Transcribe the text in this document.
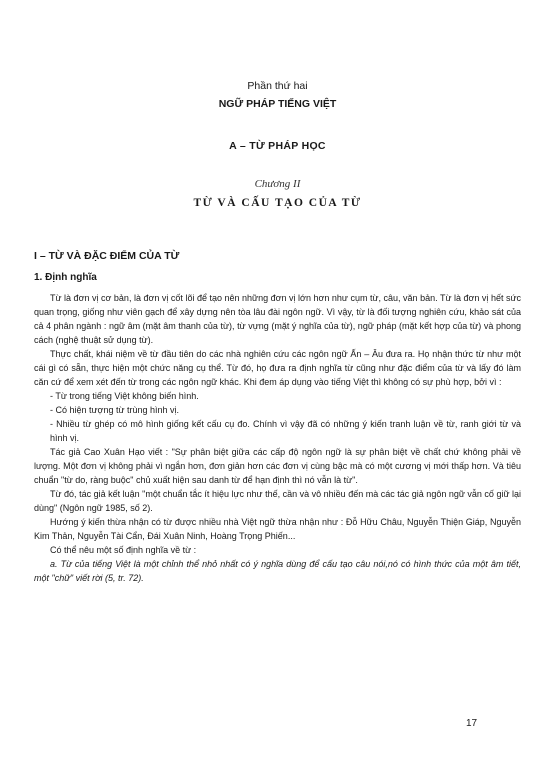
Phần thứ hai
NGỮ PHÁP TIẾNG VIỆT
A – TỪ PHÁP HỌC
Chương II
TỪ VÀ CẤU TẠO CỦA TỪ
I – TỪ VÀ ĐẶC ĐIỂM CỦA TỪ
1. Định nghĩa

Từ là đơn vị cơ bản, là đơn vị cốt lõi để tạo nên những đơn vị lớn hơn như cụm từ, câu, văn bản. Từ là đơn vị hết sức quan trọng, giống như viên gạch để xây dựng nên tòa lâu đài ngôn ngữ. Vì vậy, từ là đối tượng nghiên cứu, khảo sát của cả 4 phân ngành : ngữ âm (mặt âm thanh của từ), từ vựng (mặt ý nghĩa của từ), ngữ pháp (mặt kết hợp của từ) và phong cách (nghệ thuật sử dụng từ).

Thực chất, khái niệm về từ đầu tiên do các nhà nghiên cứu các ngôn ngữ Ấn – Âu đưa ra. Họ nhận thức từ như một cái gì có sẵn, thực hiện một chức năng cụ thể. Từ đó, họ đưa ra định nghĩa từ cũng như đặc điểm của từ và lấy đó làm căn cứ để xem xét đến từ trong các ngôn ngữ khác. Khi đem áp dụng vào tiếng Việt thì không có sự phù hợp, bởi vì :

- Từ trong tiếng Việt không biến hình.

- Có hiện tượng từ trùng hình vị.

- Nhiều từ ghép có mô hình giống kết cấu cụ đo. Chính vì vậy đã có những ý kiến tranh luận về từ, ranh giới từ và hình vị.

Tác giả Cao Xuân Hạo viết : "Sự phân biệt giữa các cấp độ ngôn ngữ là sự phân biệt về chất chứ không phải về lượng. Một đơn vị không phải vì ngắn hơn, đơn giản hơn các đơn vị cùng bậc mà có một cương vị mới thấp hơn. Và tiêu chuẩn "từ do, ràng buộc" chủ xuất hiện sau danh từ để hạn định thì nó vẫn là từ".

Từ đó, tác giả kết luận "một chuẩn tắc ít hiệu lực như thế, cần và vô nhiều đến mà các tác giả ngôn ngữ vẫn cố giữ lại dùng" (Ngôn ngữ 1985, số 2).

Hướng ý kiến thừa nhận có từ được nhiều nhà Việt ngữ thừa nhận như : Đỗ Hữu Châu, Nguyễn Thiện Giáp, Nguyễn Kim Thản, Nguyễn Tài Cẩn, Đái Xuân Ninh, Hoàng Trọng Phiến...

Có thể nêu một số định nghĩa về từ :

a. Từ của tiếng Việt là một chỉnh thể nhỏ nhất có ý nghĩa dùng để cấu tạo câu nói,nó có hình thức của một âm tiết, một "chữ" viết rời (5, tr. 72).

17
